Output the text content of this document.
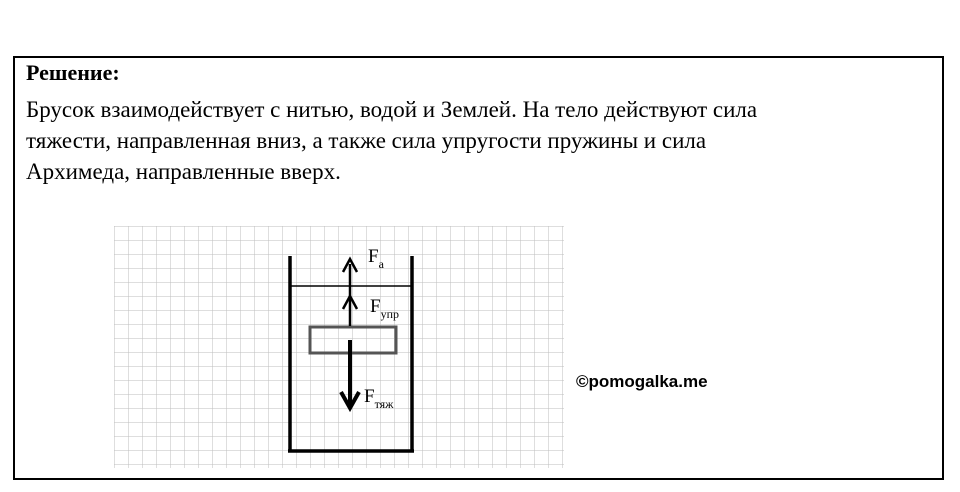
Решение:
Брусок взаимодействует с нитью, водой и Землей. На тело действуют сила
тяжести, направленная вниз, а также сила упругости пружины и сила
Архимеда, направленные вверх.
$F_а$
$F_{упр}$
$F_{тяж}$
©pomogalka.me
